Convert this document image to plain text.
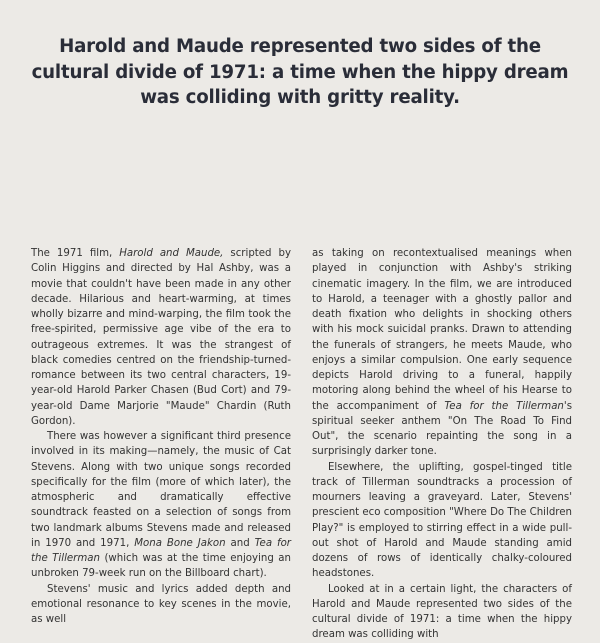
Harold and Maude represented two sides of the cultural divide of 1971: a time when the hippy dream was colliding with gritty reality.

The 1971 film, Harold and Maude, scripted by Colin Higgins and directed by Hal Ashby, was a movie that couldn't have been made in any other decade. Hilarious and heart-warming, at times wholly bizarre and mind-warping, the film took the free-spirited, permissive age vibe of the era to outrageous extremes. It was the strangest of black comedies centred on the friendship-turned-romance between its two central characters, 19-year-old Harold Parker Chasen (Bud Cort) and 79-year-old Dame Marjorie "Maude" Chardin (Ruth Gordon).

There was however a significant third presence involved in its making—namely, the music of Cat Stevens. Along with two unique songs recorded specifically for the film (more of which later), the atmospheric and dramatically effective soundtrack feasted on a selection of songs from two landmark albums Stevens made and released in 1970 and 1971, Mona Bone Jakon and Tea for the Tillerman (which was at the time enjoying an unbroken 79-week run on the Billboard chart).

Stevens' music and lyrics added depth and emotional resonance to key scenes in the movie, as well

as taking on recontextualised meanings when played in conjunction with Ashby's striking cinematic imagery. In the film, we are introduced to Harold, a teenager with a ghostly pallor and death fixation who delights in shocking others with his mock suicidal pranks. Drawn to attending the funerals of strangers, he meets Maude, who enjoys a similar compulsion. One early sequence depicts Harold driving to a funeral, happily motoring along behind the wheel of his Hearse to the accompaniment of Tea for the Tillerman's spiritual seeker anthem "On The Road To Find Out", the scenario repainting the song in a surprisingly darker tone.

Elsewhere, the uplifting, gospel-tinged title track of Tillerman soundtracks a procession of mourners leaving a graveyard. Later, Stevens' prescient eco composition "Where Do The Children Play?" is employed to stirring effect in a wide pull-out shot of Harold and Maude standing amid dozens of rows of identically chalky-coloured headstones.

Looked at in a certain light, the characters of Harold and Maude represented two sides of the cultural divide of 1971: a time when the hippy dream was colliding with
